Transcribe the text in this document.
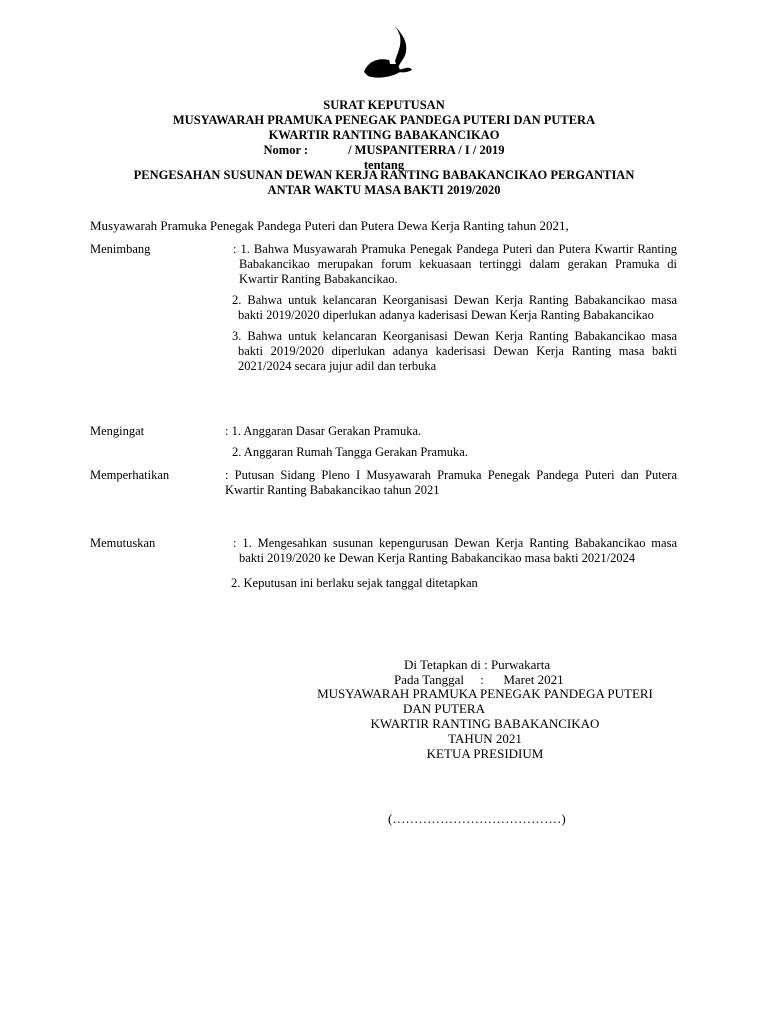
SURAT KEPUTUSAN
MUSYAWARAH PRAMUKA PENEGAK PANDEGA PUTERI DAN PUTERA
KWARTIR RANTING BABAKANCIKAO
Nomor :	/ MUSPANITERRA / I / 2019
tentang
PENGESAHAN SUSUNAN DEWAN KERJA RANTING BABAKANCIKAO PERGANTIAN
ANTAR WAKTU MASA BAKTI 2019/2020
Musyawarah Pramuka Penegak Pandega Puteri dan Putera Dewa Kerja Ranting tahun 2021,
Menimbang	: 1. Bahwa Musyawarah Pramuka Penegak Pandega Puteri dan Putera Kwartir Ranting Babakancikao merupakan forum kekuasaan tertinggi dalam gerakan Pramuka di Kwartir Ranting Babakancikao.
2. Bahwa untuk kelancaran Keorganisasi Dewan Kerja Ranting Babakancikao masa bakti 2019/2020 diperlukan adanya kaderisasi Dewan Kerja Ranting Babakancikao
3. Bahwa untuk kelancaran Keorganisasi Dewan Kerja Ranting Babakancikao masa bakti 2019/2020 diperlukan adanya kaderisasi Dewan Kerja Ranting masa bakti 2021/2024 secara jujur adil dan terbuka
Mengingat	: 1. Anggaran Dasar Gerakan Pramuka.
2. Anggaran Rumah Tangga Gerakan Pramuka.
Memperhatikan	: Putusan Sidang Pleno I Musyawarah Pramuka Penegak Pandega Puteri dan Putera Kwartir Ranting Babakancikao tahun 2021
Memutuskan	: 1. Mengesahkan susunan kepengurusan Dewan Kerja Ranting Babakancikao masa bakti 2019/2020 ke Dewan Kerja Ranting Babakancikao masa bakti 2021/2024
2. Keputusan ini berlaku sejak tanggal ditetapkan
Di Tetapkan di : Purwakarta
Pada Tanggal     :      Maret 2021
MUSYAWARAH PRAMUKA PENEGAK PANDEGA PUTERI
DAN PUTERA
KWARTIR RANTING BABAKANCIKAO
TAHUN 2021
KETUA PRESIDIUM
(…………………………………)
